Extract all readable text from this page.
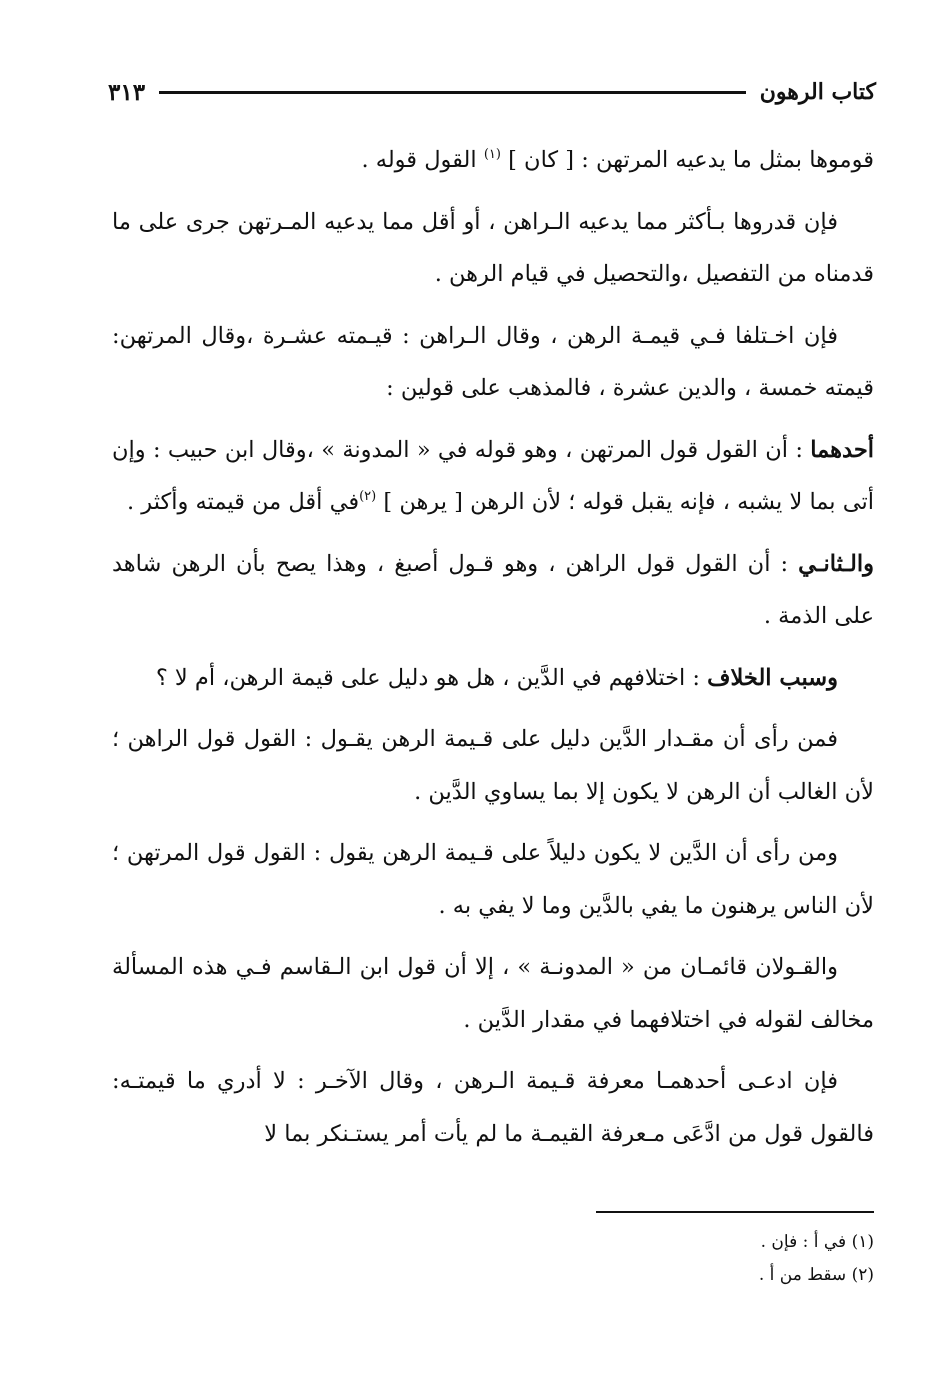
كتاب الرهون
٣١٣

قوموها بمثل ما يدعيه المرتهن : [ كان ] $^{(١)}$ القول قوله .

فإن قدروها بـأكثر مما يدعيه الـراهن ، أو أقل مما يدعيه المـرتهن جرى على ما قدمناه من التفصيل ،والتحصيل في قيام الرهن .

فإن اخـتلفا فـي قيمـة الرهن ، وقال الـراهن : قيـمته عشـرة ،وقال المرتهن: قيمته خمسة ، والدين عشرة ، فالمذهب على قولين :

أحدهما : أن القول قول المرتهن ، وهو قوله في « المدونة » ،وقال ابن حبيب : وإن أتى بما لا يشبه ، فإنه يقبل قوله ؛ لأن الرهن [ يرهن ] $^{(٢)}$في أقل من قيمته وأكثر .

والـثانـي : أن القول قول الراهن ، وهو قـول أصبغ ، وهذا يصح بأن الرهن شاهد على الذمة .

وسبب الخلاف : اختلافهم في الدَّين ، هل هو دليل على قيمة الرهن، أم لا ؟

فمن رأى أن مقـدار الدَّين دليل على قـيمة الرهن يقـول : القول قول الراهن ؛ لأن الغالب أن الرهن لا يكون إلا بما يساوي الدَّين .

ومن رأى أن الدَّين لا يكون دليلاً على قـيمة الرهن يقول : القول قول المرتهن ؛ لأن الناس يرهنون ما يفي بالدَّين وما لا يفي به .

والقـولان قائمـان من « المدونـة » ، إلا أن قول ابن الـقاسم فـي هذه المسألة مخالف لقوله في اختلافهما في مقدار الدَّين .

فإن ادعـى أحدهمـا معرفة قـيمة الـرهن ، وقال الآخـر : لا أدري ما قيمتـه: فالقول قول من ادَّعَى مـعرفة القيمـة ما لم يأت أمر يستـنكر بما لا

(١) في أ : فإن .

(٢) سقط من أ .
